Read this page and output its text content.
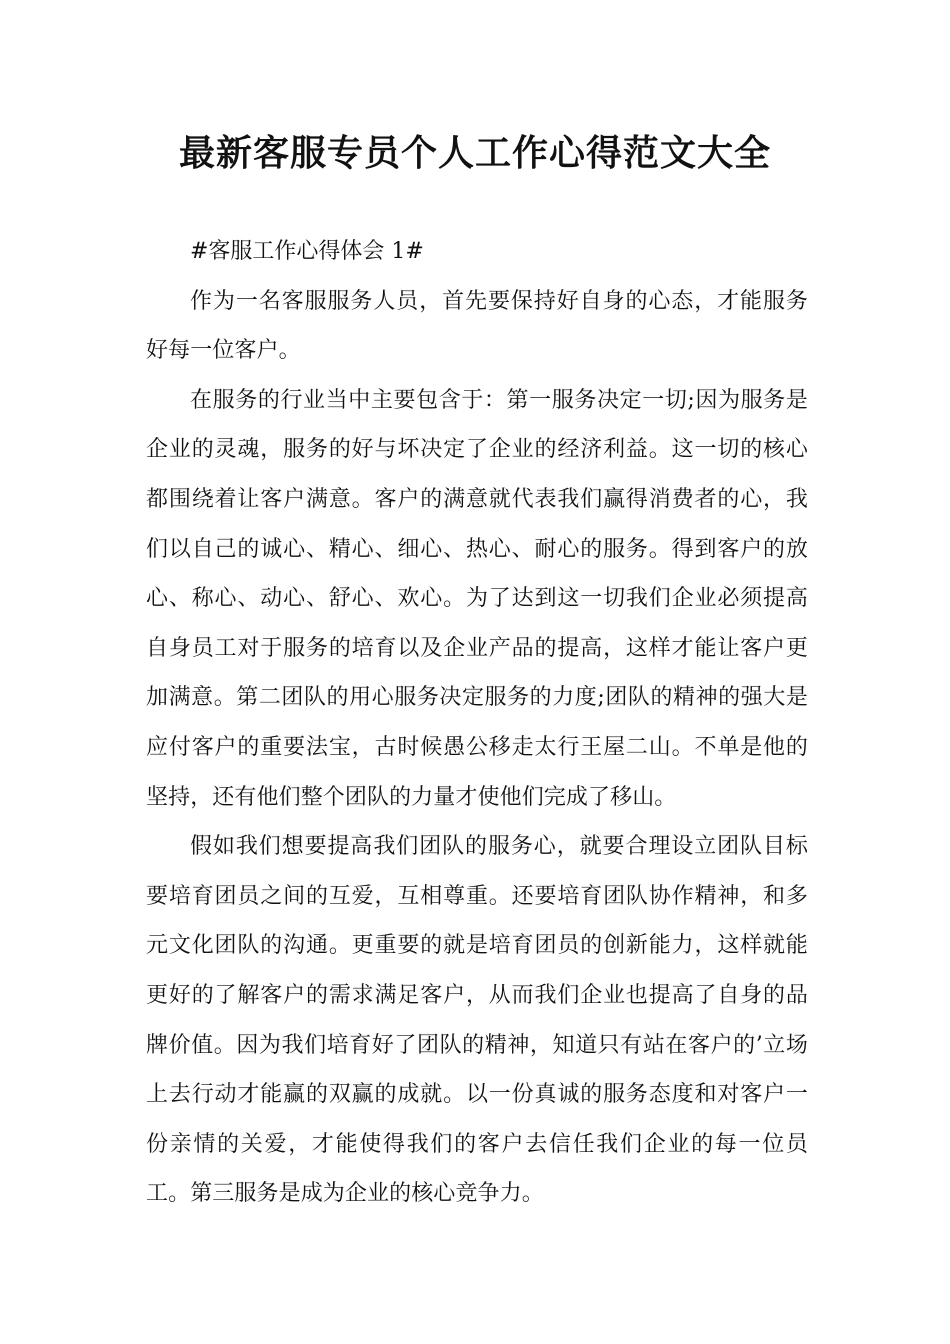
最新客服专员个人工作心得范文大全

#客服工作心得体会 1#

作为一名客服服务人员，首先要保持好自身的心态，才能服务好每一位客户。

在服务的行业当中主要包含于：第一服务决定一切;因为服务是企业的灵魂，服务的好与坏决定了企业的经济利益。这一切的核心都围绕着让客户满意。客户的满意就代表我们赢得消费者的心，我们以自己的诚心、精心、细心、热心、耐心的服务。得到客户的放心、称心、动心、舒心、欢心。为了达到这一切我们企业必须提高自身员工对于服务的培育以及企业产品的提高，这样才能让客户更加满意。第二团队的用心服务决定服务的力度;团队的精神的强大是应付客户的重要法宝，古时候愚公移走太行王屋二山。不单是他的坚持，还有他们整个团队的力量才使他们完成了移山。

假如我们想要提高我们团队的服务心，就要合理设立团队目标要培育团员之间的互爱，互相尊重。还要培育团队协作精神，和多元文化团队的沟通。更重要的就是培育团员的创新能力，这样就能更好的了解客户的需求满足客户，从而我们企业也提高了自身的品牌价值。因为我们培育好了团队的精神，知道只有站在客户的’立场上去行动才能赢的双赢的成就。以一份真诚的服务态度和对客户一份亲情的关爱，才能使得我们的客户去信任我们企业的每一位员工。第三服务是成为企业的核心竞争力。
